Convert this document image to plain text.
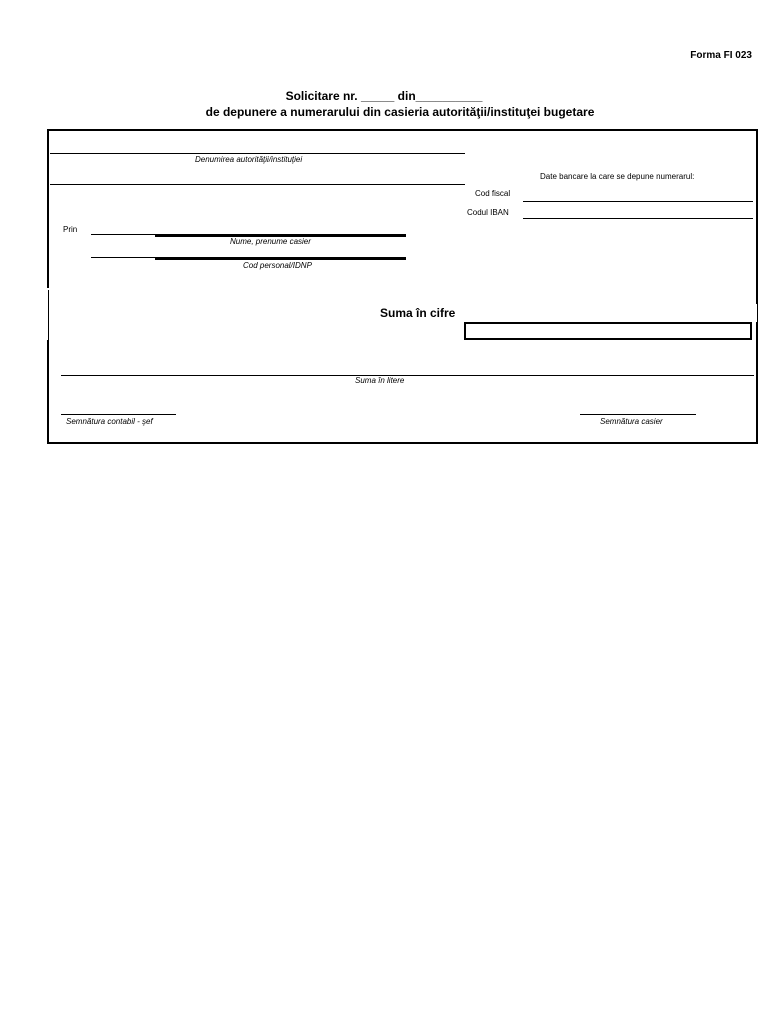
Forma FI 023
Solicitare nr. _____ din__________
de depunere a numerarului din casieria autorităţii/instituţei bugetare
Denumirea autorităţii/instituţiei
Date bancare la care se depune numerarul:
Cod fiscal
Codul IBAN
Prin
Nume, prenume casier
Cod personal/IDNP
Suma în cifre
Suma în litere
Semnătura contabil - şef	Semnătura casier
